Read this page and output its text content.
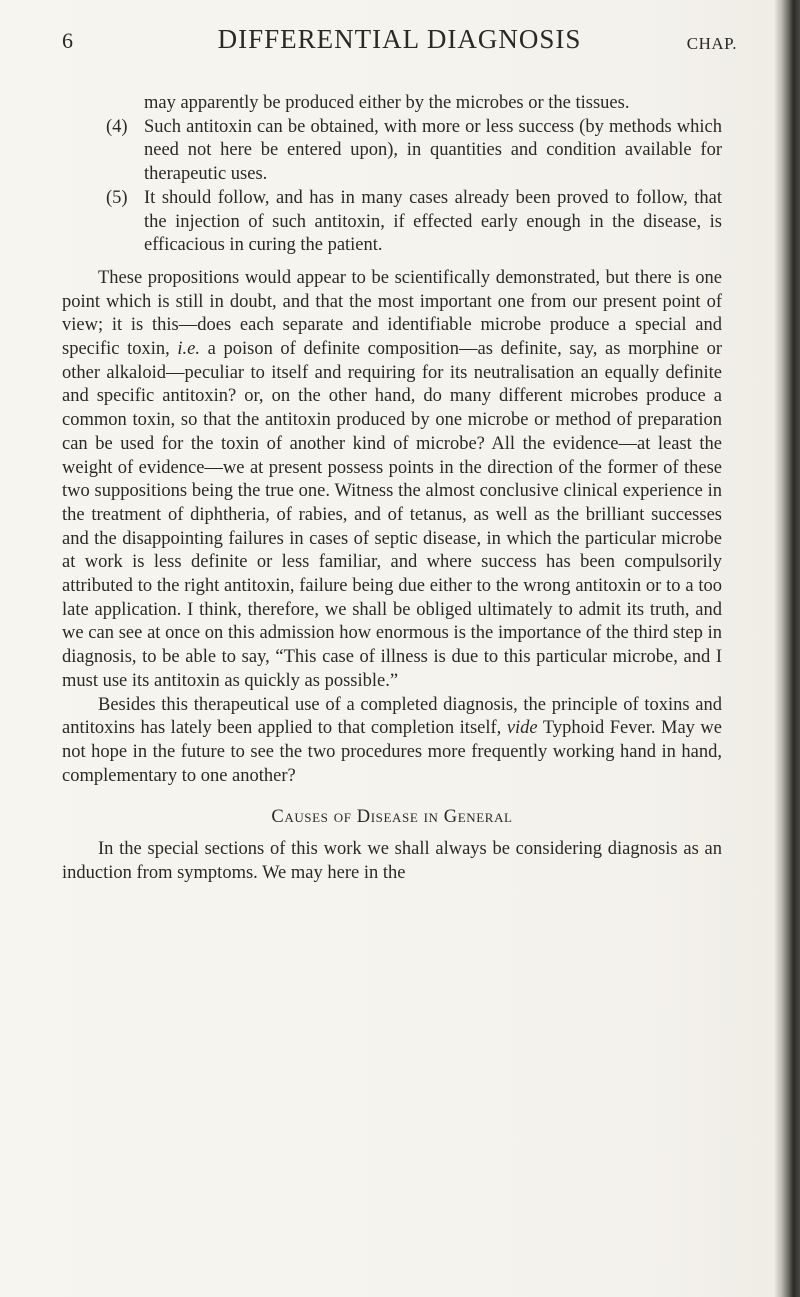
6	DIFFERENTIAL DIAGNOSIS	CHAP.

may apparently be produced either by the microbes or the tissues.

(4) Such antitoxin can be obtained, with more or less success (by methods which need not here be entered upon), in quantities and condition available for therapeutic uses.

(5) It should follow, and has in many cases already been proved to follow, that the injection of such antitoxin, if effected early enough in the disease, is efficacious in curing the patient.

These propositions would appear to be scientifically demonstrated, but there is one point which is still in doubt, and that the most important one from our present point of view; it is this—does each separate and identifiable microbe produce a special and specific toxin, i.e. a poison of definite composition—as definite, say, as morphine or other alkaloid—peculiar to itself and requiring for its neutralisation an equally definite and specific antitoxin? or, on the other hand, do many different microbes produce a common toxin, so that the antitoxin produced by one microbe or method of preparation can be used for the toxin of another kind of microbe? All the evidence—at least the weight of evidence—we at present possess points in the direction of the former of these two suppositions being the true one. Witness the almost conclusive clinical experience in the treatment of diphtheria, of rabies, and of tetanus, as well as the brilliant successes and the disappointing failures in cases of septic disease, in which the particular microbe at work is less definite or less familiar, and where success has been compulsorily attributed to the right antitoxin, failure being due either to the wrong antitoxin or to a too late application. I think, therefore, we shall be obliged ultimately to admit its truth, and we can see at once on this admission how enormous is the importance of the third step in diagnosis, to be able to say, “This case of illness is due to this particular microbe, and I must use its antitoxin as quickly as possible.”

Besides this therapeutical use of a completed diagnosis, the principle of toxins and antitoxins has lately been applied to that completion itself, vide Typhoid Fever. May we not hope in the future to see the two procedures more frequently working hand in hand, complementary to one another?

Causes of Disease in General

In the special sections of this work we shall always be considering diagnosis as an induction from symptoms. We may here in the
